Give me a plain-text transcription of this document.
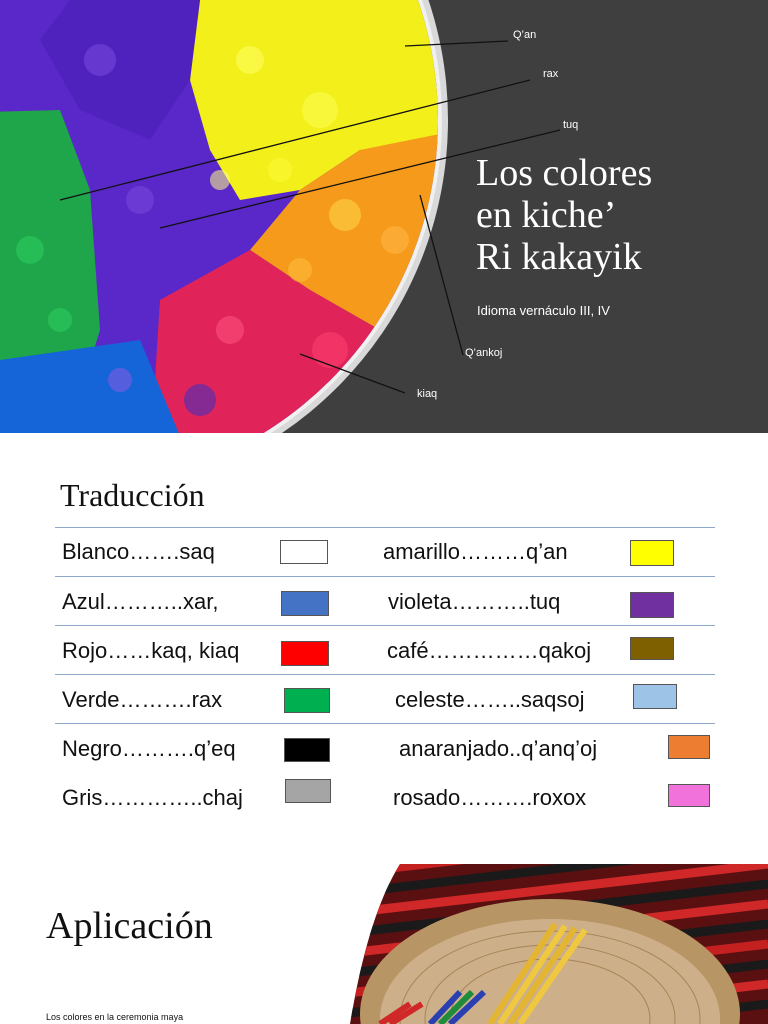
Q’an
rax
tuq
Q’ankoj
kiaq
Los colores
en kiche’
Ri kakayik
Idioma vernáculo III, IV
Traducción
Blanco…….saq	amarillo………q’an
Azul………..xar,	violeta………..tuq
Rojo……kaq, kiaq	café……………qakoj
Verde……….rax	celeste……..saqsoj
Negro……….q’eq	anaranjado..q’anq’oj
Gris…………..chaj	rosado……….roxox
Aplicación
Los colores en la ceremonia maya
